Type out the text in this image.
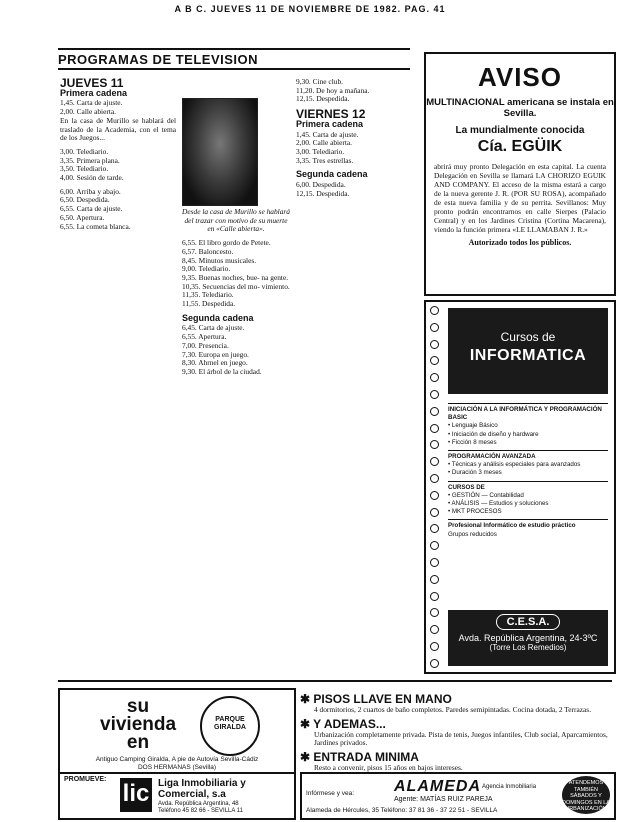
A B C. JUEVES 11 DE NOVIEMBRE DE 1982. PAG. 41
PROGRAMAS DE TELEVISION
JUEVES 11
Primera cadena

1,45. Carta de ajuste.

2,00. Calle abierta.

En la casa de Murillo se hablará del traslado de la Academia, con el tema de los Juegos...

3,00. Telediario.

3,35. Primera plana.

3,50. Telediario.

4,00. Sesión de tarde.

6,00. Arriba y abajo.

6,50. Despedida.

6,55. Carta de ajuste.

6,50. Apertura.

6,55. La cometa blanca.

Desde la casa de Murillo se hablará del trazar con motivo de su muerte en «Calle abierta».

6,55. El libro gordo de Petete.

6,57. Baloncesto.

8,45. Minutos musicales.

9,00. Telediario.

9,35. Buenas noches, bue- na gente.

10,35. Secuencias del mo- vimiento.

11,35. Telediario.

11,55. Despedida.

Segunda cadena

6,45. Carta de ajuste.

6,55. Apertura.

7,00. Presencia.

7,30. Europa en juego.

8,30. Ahrnel en juego.

9,30. El árbol de la ciudad.

9,30. Cine club.

11,20. De hoy a mañana.

12,15. Despedida.

VIERNES 12
Primera cadena

1,45. Carta de ajuste.

2,00. Calle abierta.

3,00. Telediario.

3,35. Tres estrellas.

Segunda cadena

6,00. Despedida.

12,15. Despedida.

AVISO
MULTINACIONAL americana se instala en Sevilla.
La mundialmente conocida
Cía. EGÜIK
abrirá muy pronto Delegación en esta capital. La cuenta Delegación en Sevilla se llamará LA CHORIZO EGUIK AND COMPANY. El acceso de la misma estará a cargo de la nueva gerente J. R. (POR SU ROSA), acompañado de esta nueva familia y de su perrita. Sevillanos: Muy pronto podrán encontrarnos en calle Sierpes (Palacio Central) y en los Jardines Cristina (Cortina Macarena), viendo la función primera «LE LLAMABAN J. R.»
Autorizado todos los públicos.
Cursos de
INFORMATICA
INICIACIÓN A LA INFORMÁTICA Y PROGRAMACIÓN BASIC
• Lenguaje Básico
• Iniciación de diseño y hardware
• Ficción 8 meses
PROGRAMACIÓN AVANZADA
• Técnicas y análisis especiales para avanzados
• Duración 3 meses
CURSOS DE
• GESTIÓN — Contabilidad
• ANÁLISIS — Estudios y soluciones
• MKT PROCESOS
Profesional Informático de estudio práctico
Grupos reducidos
C.E.S.A.
Avda. República Argentina, 24-3ºC
(Torre Los Remedios)
su
vivienda
en
PARQUE GIRALDA
Antiguo Camping Giralda, A pie de Autovía Sevilla-Cádiz
DOS HERMANAS (Sevilla)
PROMUEVE:
lic Liga Inmobiliaria y
Comercial, s.a
Avda. República Argentina, 48
Teléfono 45 82 66 - SEVILLA 11
✱ PISOS LLAVE EN MANO
4 dormitorios, 2 cuartos de baño completos. Paredes semipintadas. Cocina dotada, 2 Terrazas.
✱ Y ADEMAS...
Urbanización completamente privada. Pista de tenis, Juegos infantiles, Club social, Aparcamientos, Jardines privados.
✱ ENTRADA MINIMA
Resto a convenir, pisos 15 años en bajos intereses.
Infórmese y vea: ALAMEDA Agencia Inmobiliaria
Agente: MATÍAS RUIZ PAREJA
Alameda de Hércules, 35 Teléfono: 37 81 36 - 37 22 51 - SEVILLA
ATENDEMOS TAMBIÉN SÁBADOS Y DOMINGOS EN LA URBANIZACIÓN
